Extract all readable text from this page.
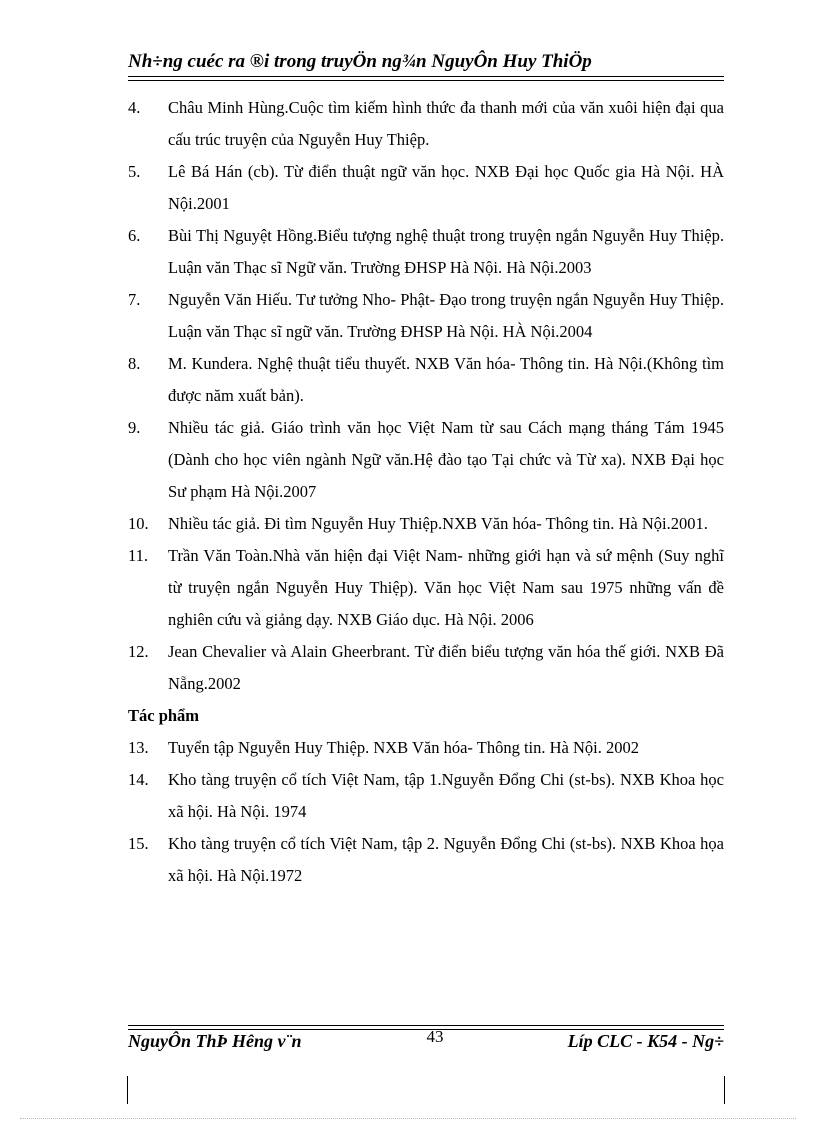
Nh÷ng cuéc ra ®i trong truyÖn ng¾n NguyÔn Huy ThiÖp
4.	Châu Minh Hùng.Cuộc tìm kiếm hình thức đa thanh mới của văn xuôi hiện đại qua cấu trúc truyện của Nguyễn Huy Thiệp.
5.	Lê Bá Hán (cb). Từ điển thuật ngữ văn học. NXB Đại học Quốc gia Hà Nội. HÀ Nội.2001
6.	Bùi Thị Nguyệt Hồng.Biểu tượng nghệ thuật trong truyện ngắn Nguyễn Huy Thiệp. Luận văn Thạc sĩ Ngữ văn. Trường ĐHSP Hà Nội. Hà Nội.2003
7.	Nguyễn Văn Hiếu. Tư tưởng Nho- Phật- Đạo trong truyện ngắn Nguyễn Huy Thiệp. Luận văn Thạc sĩ ngữ văn. Trường ĐHSP Hà Nội. HÀ Nội.2004
8.	M. Kundera. Nghệ thuật tiểu thuyết. NXB Văn hóa- Thông tin. Hà Nội.(Không tìm được năm xuất bản).
9.	Nhiều tác giả. Giáo trình văn học Việt Nam từ sau Cách mạng tháng Tám 1945 (Dành cho học viên ngành Ngữ văn.Hệ đào tạo Tại chức và Từ xa). NXB Đại học Sư phạm Hà Nội.2007
10.	Nhiều tác giả. Đi tìm Nguyễn Huy Thiệp.NXB Văn hóa- Thông tin. Hà Nội.2001.
11.	Trần Văn Toàn.Nhà văn hiện đại Việt Nam- những giới hạn và sứ mệnh (Suy nghĩ từ truyện ngắn Nguyễn Huy Thiệp). Văn học Việt Nam sau 1975 những vấn đề nghiên cứu và giảng dạy. NXB Giáo dục. Hà Nội. 2006
12.	Jean Chevalier và Alain Gheerbrant. Từ điển biểu tượng văn hóa thế giới. NXB Đã Nẵng.2002
Tác phẩm
13.	Tuyển tập Nguyễn Huy Thiệp. NXB Văn hóa- Thông tin. Hà Nội. 2002
14.	Kho tàng truyện cổ tích Việt Nam, tập 1.Nguyễn Đổng Chi (st-bs). NXB Khoa học xã hội. Hà Nội. 1974
15.	Kho tàng truyện cổ tích Việt Nam, tập 2. Nguyễn Đổng Chi (st-bs). NXB Khoa họa xã hội. Hà Nội.1972
NguyÔn ThÞ Hêng v¨n	43	Líp CLC - K54 - Ng÷
